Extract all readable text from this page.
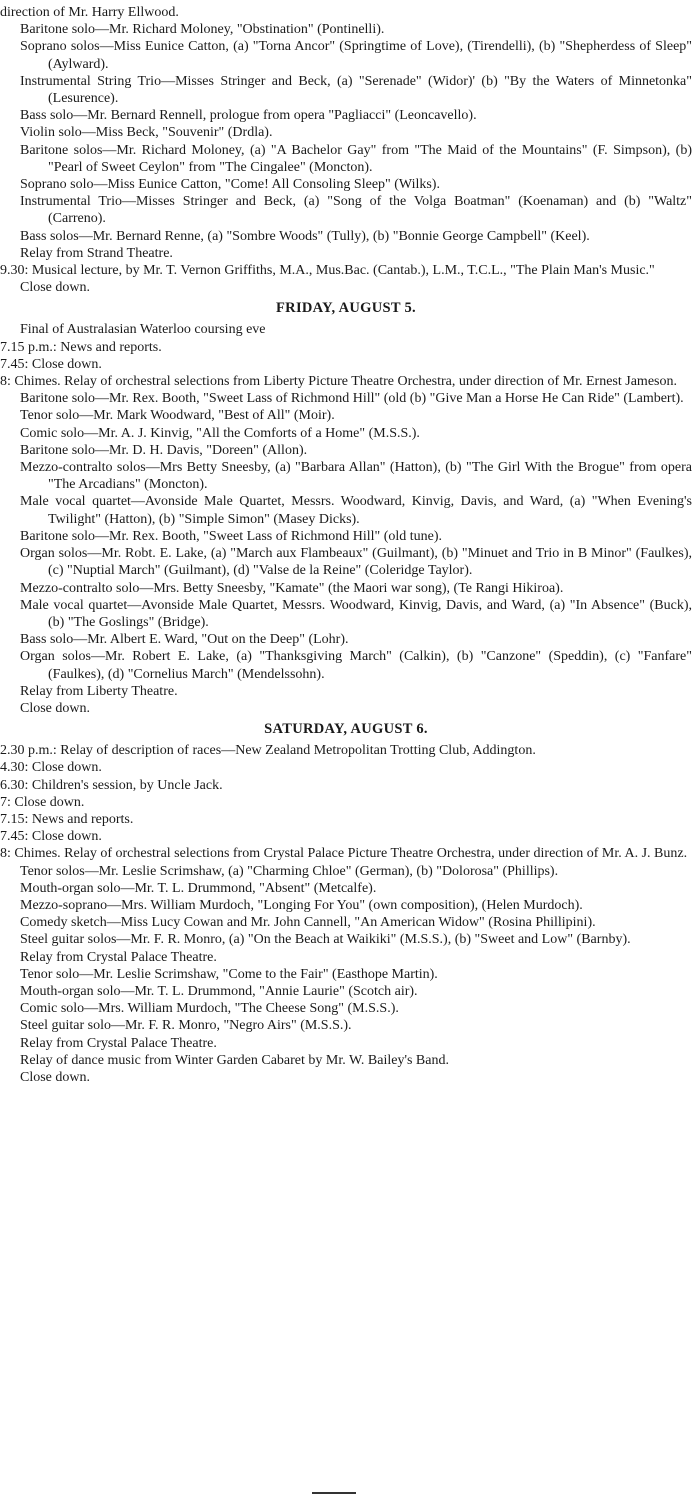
direction of Mr. Harry Ellwood.

Baritone solo—Mr. Richard Moloney, "Obstination" (Pontinelli).

Soprano solos—Miss Eunice Catton, (a) "Torna Ancor" (Springtime of Love), (Tirendelli), (b) "Shepherdess of Sleep" (Aylward).

Instrumental String Trio—Misses Stringer and Beck, (a) "Serenade" (Widor)' (b) "By the Waters of Minnetonka" (Lesurence).

Bass solo—Mr. Bernard Rennell, prologue from opera "Pagliacci" (Leoncavello).

Violin solo—Miss Beck, "Souvenir" (Drdla).

Baritone solos—Mr. Richard Moloney, (a) "A Bachelor Gay" from "The Maid of the Mountains" (F. Simpson), (b) "Pearl of Sweet Ceylon" from "The Cingalee" (Moncton).

Soprano solo—Miss Eunice Catton, "Come! All Consoling Sleep" (Wilks).

Instrumental Trio—Misses Stringer and Beck, (a) "Song of the Volga Boatman" (Koenaman) and (b) "Waltz" (Carreno).

Bass solos—Mr. Bernard Renne, (a) "Sombre Woods" (Tully), (b) "Bonnie George Campbell" (Keel).

Relay from Strand Theatre.

9.30: Musical lecture, by Mr. T. Vernon Griffiths, M.A., Mus.Bac. (Cantab.), L.M., T.C.L., "The Plain Man's Music."

Close down.

FRIDAY, AUGUST 5.

Final of Australasian Waterloo coursing eve

7.15 p.m.: News and reports.

7.45: Close down.

8: Chimes. Relay of orchestral selections from Liberty Picture Theatre Orchestra, under direction of Mr. Ernest Jameson.

Baritone solo—Mr. Rex. Booth, "Sweet Lass of Richmond Hill" (old (b) "Give Man a Horse He Can Ride" (Lambert).

Tenor solo—Mr. Mark Woodward, "Best of All" (Moir).

Comic solo—Mr. A. J. Kinvig, "All the Comforts of a Home" (M.S.S.).

Baritone solo—Mr. D. H. Davis, "Doreen" (Allon).

Mezzo-contralto solos—Mrs Betty Sneesby, (a) "Barbara Allan" (Hatton), (b) "The Girl With the Brogue" from opera "The Arcadians" (Moncton).

Male vocal quartet—Avonside Male Quartet, Messrs. Woodward, Kinvig, Davis, and Ward, (a) "When Evening's Twilight" (Hatton), (b) "Simple Simon" (Masey Dicks).

Baritone solo—Mr. Rex. Booth, "Sweet Lass of Richmond Hill" (old tune).

Organ solos—Mr. Robt. E. Lake, (a) "March aux Flambeaux" (Guilmant), (b) "Minuet and Trio in B Minor" (Faulkes), (c) "Nuptial March" (Guilmant), (d) "Valse de la Reine" (Coleridge Taylor).

Mezzo-contralto solo—Mrs. Betty Sneesby, "Kamate" (the Maori war song), (Te Rangi Hikiroa).

Male vocal quartet—Avonside Male Quartet, Messrs. Woodward, Kinvig, Davis, and Ward, (a) "In Absence" (Buck), (b) "The Goslings" (Bridge).

Bass solo—Mr. Albert E. Ward, "Out on the Deep" (Lohr).

Organ solos—Mr. Robert E. Lake, (a) "Thanksgiving March" (Calkin), (b) "Canzone" (Speddin), (c) "Fanfare" (Faulkes), (d) "Cornelius March" (Mendelssohn).

Relay from Liberty Theatre.

Close down.

SATURDAY, AUGUST 6.

2.30 p.m.: Relay of description of races—New Zealand Metropolitan Trotting Club, Addington.

4.30: Close down.

6.30: Children's session, by Uncle Jack.

7: Close down.

7.15: News and reports.

7.45: Close down.

8: Chimes. Relay of orchestral selections from Crystal Palace Picture Theatre Orchestra, under direction of Mr. A. J. Bunz.

Tenor solos—Mr. Leslie Scrimshaw, (a) "Charming Chloe" (German), (b) "Dolorosa" (Phillips).

Mouth-organ solo—Mr. T. L. Drummond, "Absent" (Metcalfe).

Mezzo-soprano—Mrs. William Murdoch, "Longing For You" (own composition), (Helen Murdoch).

Comedy sketch—Miss Lucy Cowan and Mr. John Cannell, "An American Widow" (Rosina Phillipini).

Steel guitar solos—Mr. F. R. Monro, (a) "On the Beach at Waikiki" (M.S.S.), (b) "Sweet and Low" (Barnby).

Relay from Crystal Palace Theatre.

Tenor solo—Mr. Leslie Scrimshaw, "Come to the Fair" (Easthope Martin).

Mouth-organ solo—Mr. T. L. Drummond, "Annie Laurie" (Scotch air).

Comic solo—Mrs. William Murdoch, "The Cheese Song" (M.S.S.).

Steel guitar solo—Mr. F. R. Monro, "Negro Airs" (M.S.S.).

Relay from Crystal Palace Theatre.

Relay of dance music from Winter Garden Cabaret by Mr. W. Bailey's Band.

Close down.
